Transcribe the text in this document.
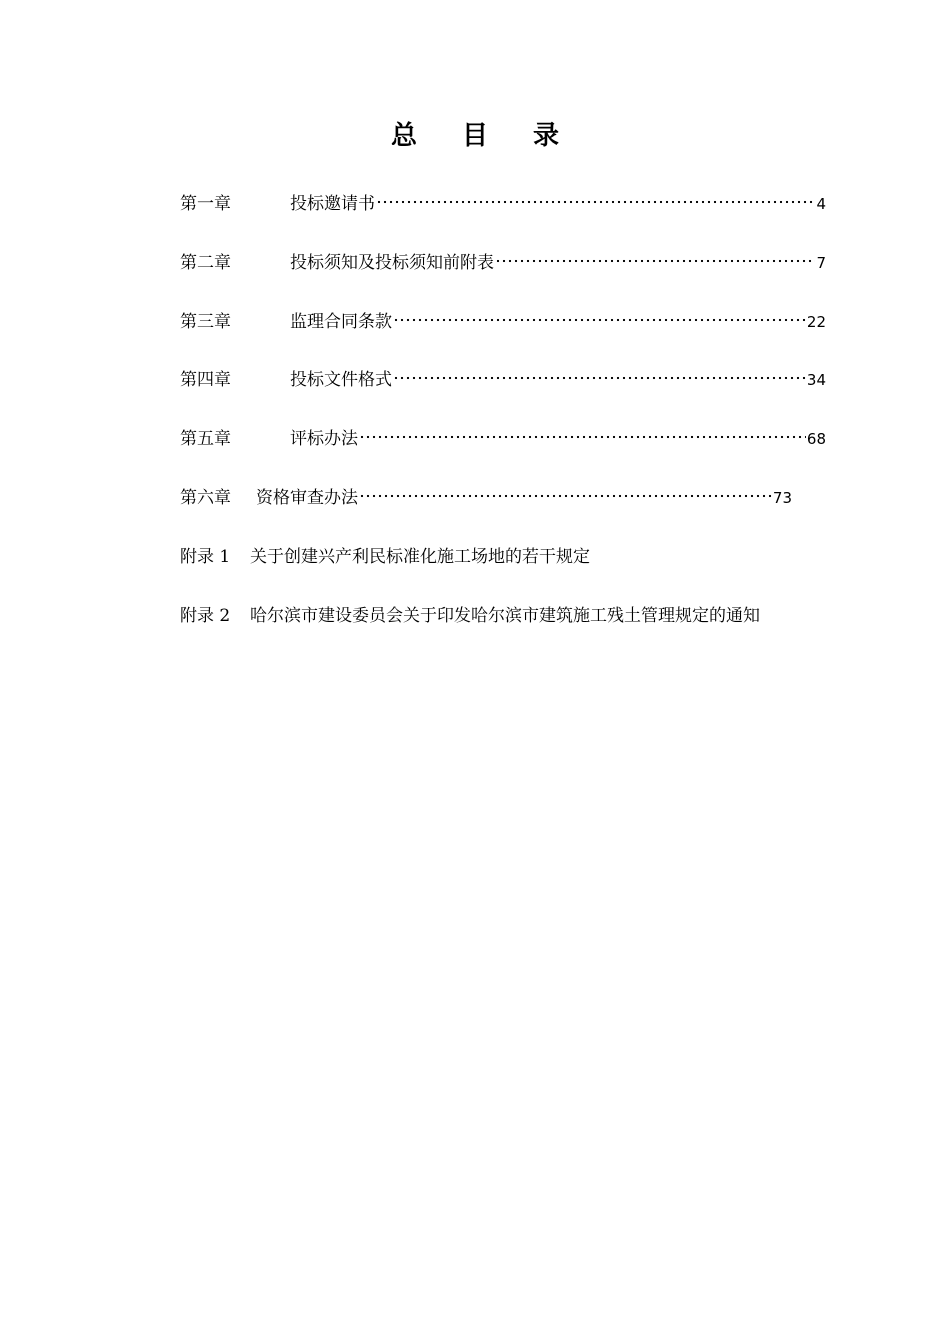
总 目 录
第一章	投标邀请书	4
第二章	投标须知及投标须知前附表	7
第三章	监理合同条款	22
第四章	投标文件格式	34
第五章	评标办法	68
第六章	资格审查办法	73
附录 1	关于创建兴产利民标准化施工场地的若干规定
附录 2	哈尔滨市建设委员会关于印发哈尔滨市建筑施工残土管理规定的通知
